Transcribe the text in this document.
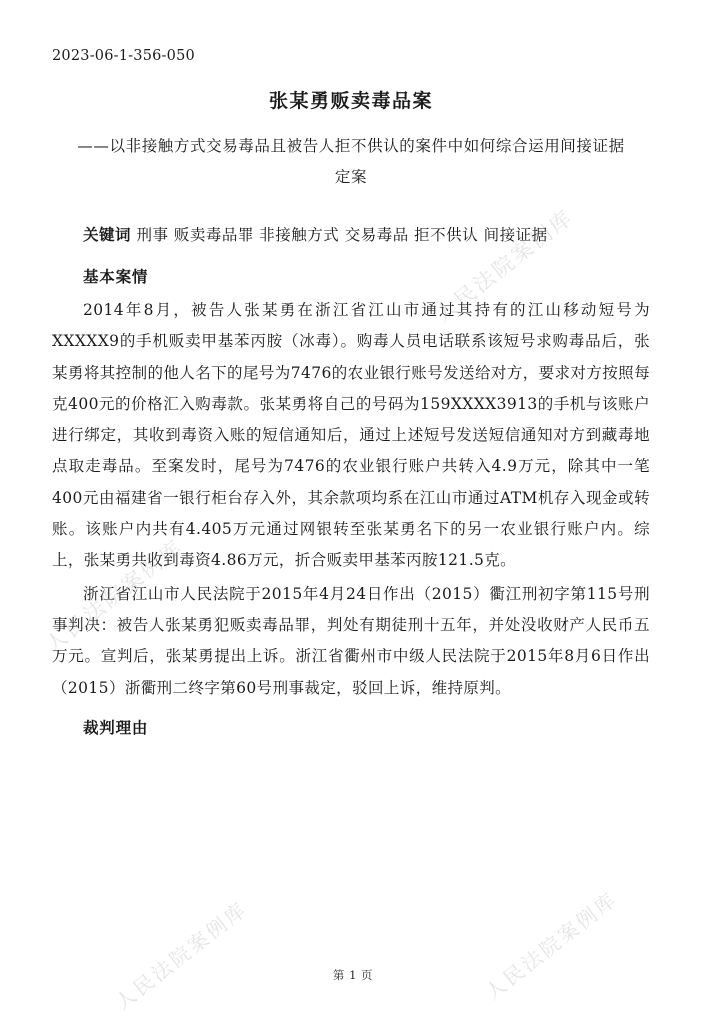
人民法院案例库
人民法院案例库
人民法院案例库
人民法院案例库
2023-06-1-356-050
张某勇贩卖毒品案
——以非接触方式交易毒品且被告人拒不供认的案件中如何综合运用间接证据定案

关键词 刑事 贩卖毒品罪 非接触方式 交易毒品 拒不供认 间接证据

基本案情

2014年8月，被告人张某勇在浙江省江山市通过其持有的江山移动短号为XXXXX9的手机贩卖甲基苯丙胺（冰毒）。购毒人员电话联系该短号求购毒品后，张某勇将其控制的他人名下的尾号为7476的农业银行账号发送给对方，要求对方按照每克400元的价格汇入购毒款。张某勇将自己的号码为159XXXX3913的手机与该账户进行绑定，其收到毒资入账的短信通知后，通过上述短号发送短信通知对方到藏毒地点取走毒品。至案发时，尾号为7476的农业银行账户共转入4.9万元，除其中一笔400元由福建省一银行柜台存入外，其余款项均系在江山市通过ATM机存入现金或转账。该账户内共有4.405万元通过网银转至张某勇名下的另一农业银行账户内。综上，张某勇共收到毒资4.86万元，折合贩卖甲基苯丙胺121.5克。

浙江省江山市人民法院于2015年4月24日作出（2015）衢江刑初字第115号刑事判决：被告人张某勇犯贩卖毒品罪，判处有期徒刑十五年，并处没收财产人民币五万元。宣判后，张某勇提出上诉。浙江省衢州市中级人民法院于2015年8月6日作出（2015）浙衢刑二终字第60号刑事裁定，驳回上诉，维持原判。

裁判理由
第 1 页
